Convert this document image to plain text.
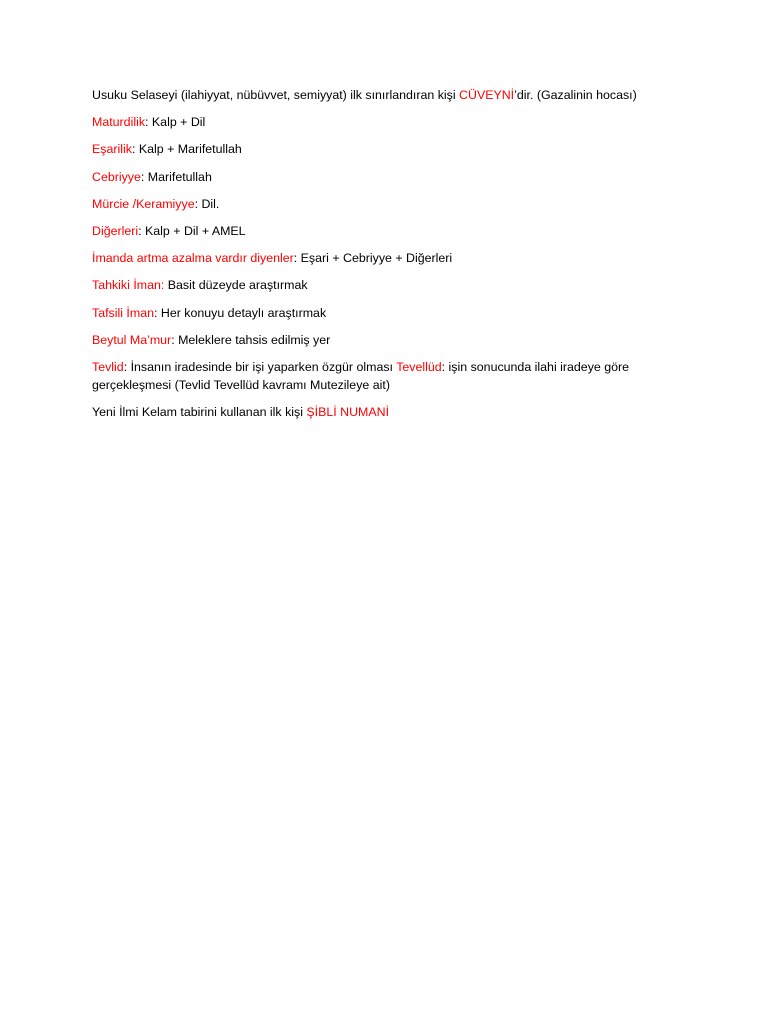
Usuku Selaseyi (ilahiyyat, nübüvvet, semiyyat) ilk sınırlandıran kişi CÜVEYNİ’dir. (Gazalinin hocası)

Maturdilik: Kalp + Dil

Eşarilik: Kalp + Marifetullah

Cebriyye: Marifetullah

Mürcie /Keramiyye: Dil.

Diğerleri: Kalp + Dil + AMEL

İmanda artma azalma vardır diyenler: Eşari + Cebriyye + Diğerleri

Tahkiki İman: Basit düzeyde araştırmak

Tafsili İman: Her konuyu detaylı araştırmak

Beytul Ma’mur: Meleklere tahsis edilmiş yer

Tevlid: İnsanın iradesinde bir işi yaparken özgür olması Tevellüd: işin sonucunda ilahi iradeye göre gerçekleşmesi (Tevlid Tevellüd kavramı Mutezileye ait)

Yeni İlmi Kelam tabirini kullanan ilk kişi ŞİBLİ NUMANİ
